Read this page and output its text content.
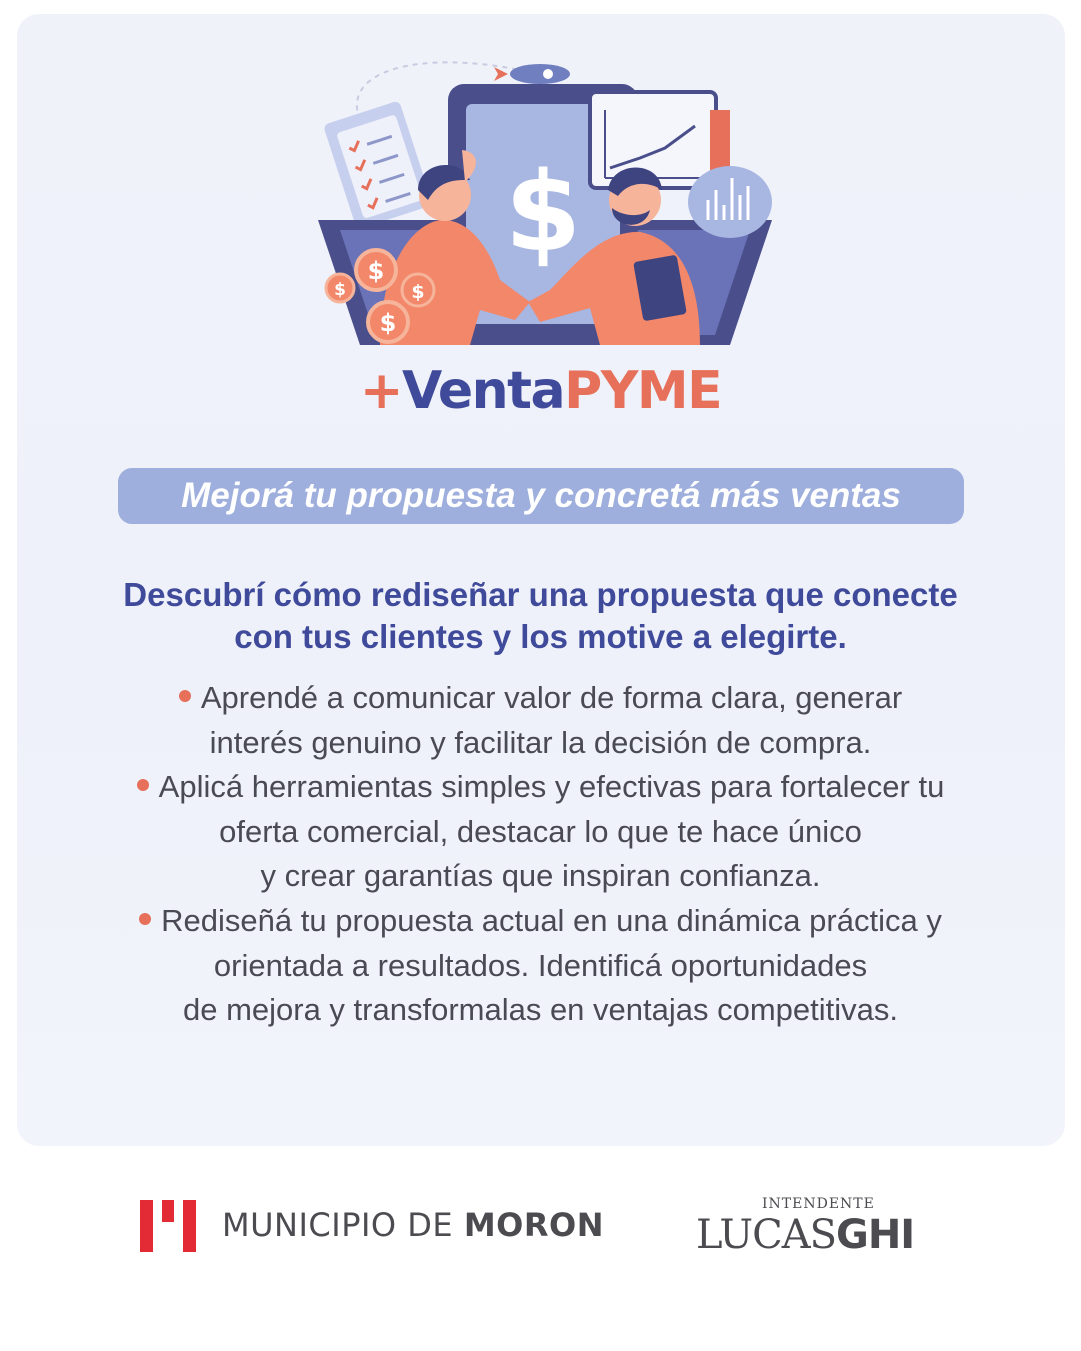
$
$
$	$
$
+VentaPYME
Mejorá tu propuesta y concretá más ventas
Descubrí cómo rediseñar una propuesta que conecte
con tus clientes y los motive a elegirte.
Aprendé a comunicar valor de forma clara, generar
interés genuino y facilitar la decisión de compra.
Aplicá herramientas simples y efectivas para fortalecer tu
oferta comercial, destacar lo que te hace único
y crear garantías que inspiran confianza.
Rediseñá tu propuesta actual en una dinámica práctica y
orientada a resultados. Identificá oportunidades
de mejora y transformalas en ventajas competitivas.
MUNICIPIO DE MORON
INTENDENTE
LUCASGHI
